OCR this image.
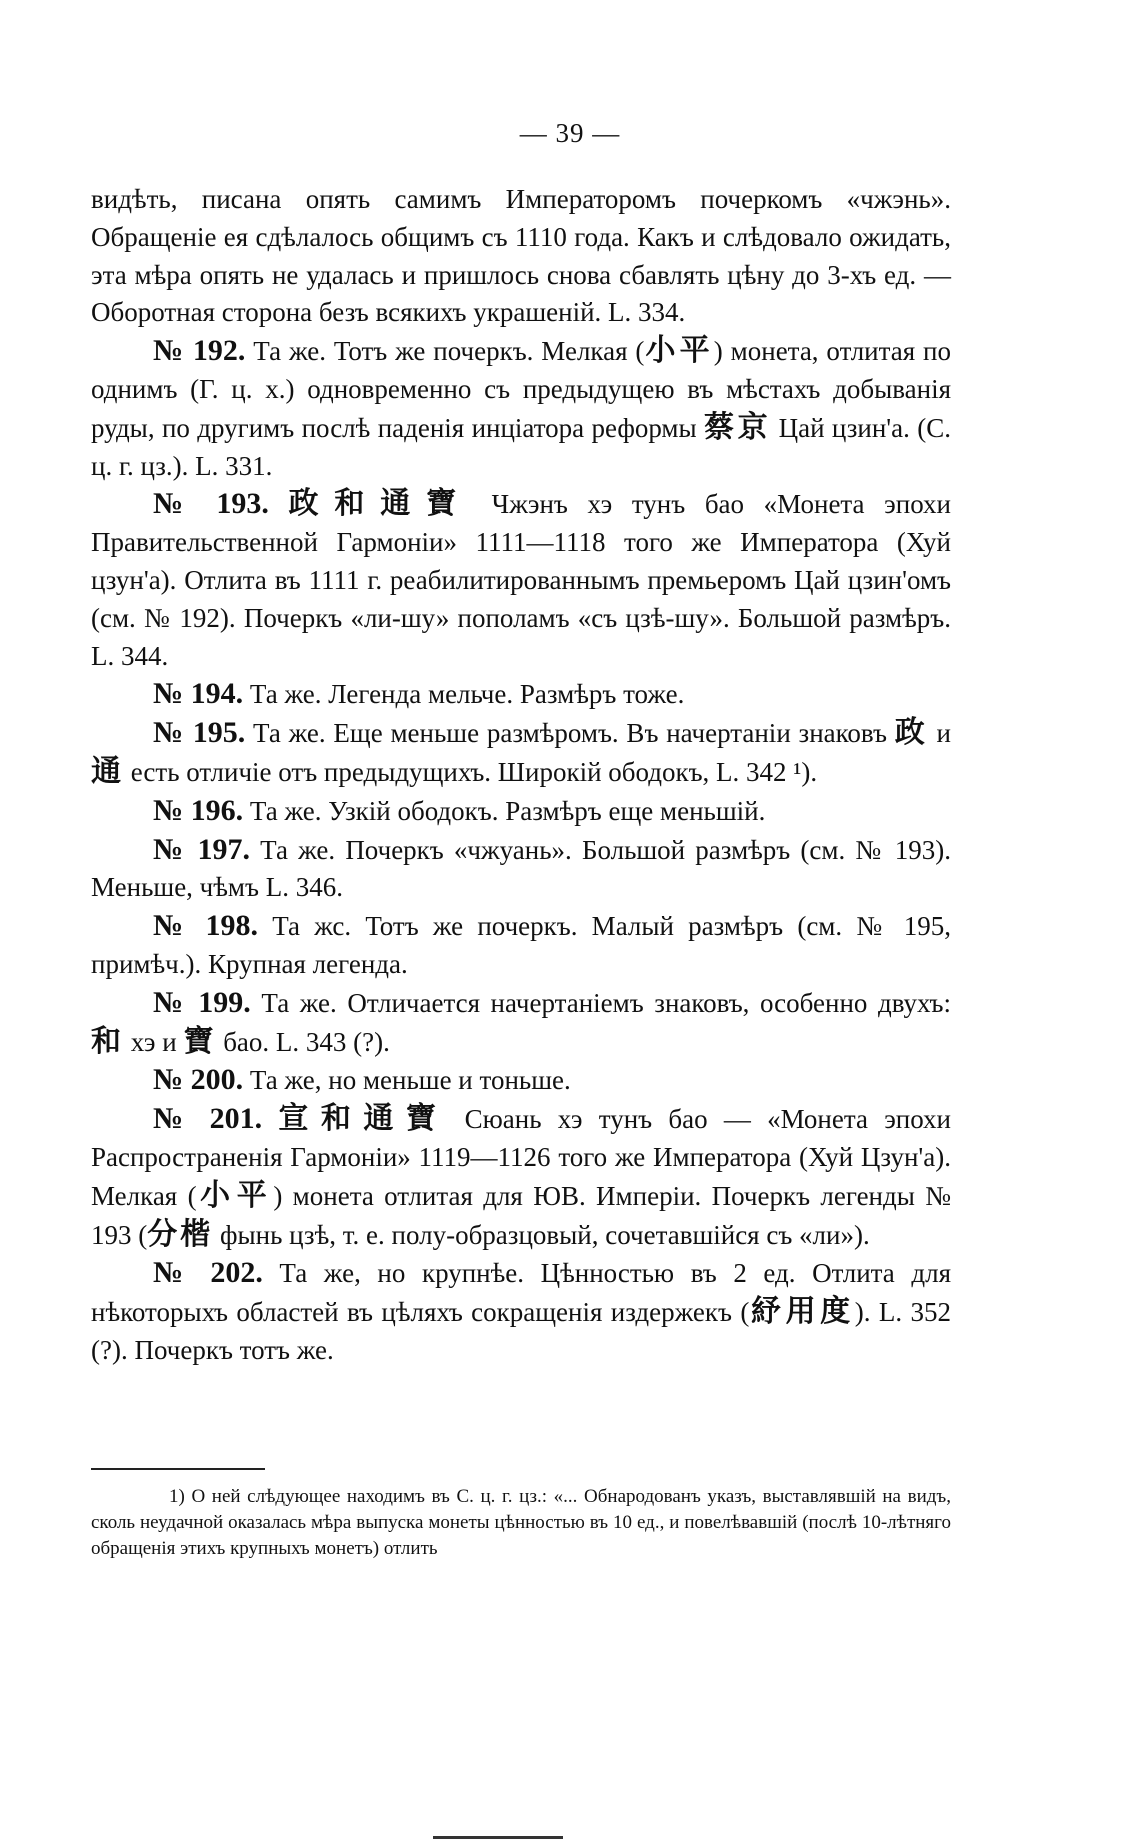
— 39 —

видѣть, писана опять самимъ Императоромъ почеркомъ «чжэнь». Обращеніе ея сдѣлалось общимъ съ 1110 года. Какъ и слѣдовало ожидать, эта мѣра опять не удалась и пришлось снова сбавлять цѣну до 3-хъ ед. — Оборотная сторона безъ всякихъ украшеній. L. 334.

№ 192. Та же. Тотъ же почеркъ. Мелкая (小平) монета, отлитая по однимъ (Г. ц. х.) одновременно съ предыдущею въ мѣстахъ добыванія руды, по другимъ послѣ паденія инціатора реформы 蔡京 Цай цзин'а. (С. ц. г. цз.). L. 331.

№ 193. 政和通寶 Чжэнъ хэ тунъ бао «Монета эпохи Правительственной Гармоніи» 1111—1118 того же Императора (Хуй цзун'а). Отлита въ 1111 г. реабилитированнымъ премьеромъ Цай цзин'омъ (см. № 192). Почеркъ «ли-шу» пополамъ «съ цзѣ-шу». Большой размѣръ. L. 344.

№ 194. Та же. Легенда мельче. Размѣръ тоже.

№ 195. Та же. Еще меньше размѣромъ. Въ начертаніи знаковъ 政 и 通 есть отличіе отъ предыдущихъ. Широкій ободокъ, L. 342 ¹).

№ 196. Та же. Узкій ободокъ. Размѣръ еще меньшій.

№ 197. Та же. Почеркъ «чжуань». Большой размѣръ (см. № 193). Меньше, чѣмъ L. 346.

№ 198. Та жс. Тотъ же почеркъ. Малый размѣръ (см. № 195, примѣч.). Крупная легенда.

№ 199. Та же. Отличается начертаніемъ знаковъ, особенно двухъ: 和 хэ и 寶 бао. L. 343 (?).

№ 200. Та же, но меньше и тоньше.

№ 201. 宣和通寶 Сюань хэ тунъ бао — «Монета эпохи Распространенія Гармоніи» 1119—1126 того же Императора (Хуй Цзун'а). Мелкая (小平) монета отлитая для ЮВ. Имперіи. Почеркъ легенды № 193 (分楷 фынь цзѣ, т. е. полу-образцовый, сочетавшійся съ «ли»).

№ 202. Та же, но крупнѣе. Цѣнностью въ 2 ед. Отлита для нѣкоторыхъ областей въ цѣляхъ сокращенія издержекъ (紓用度). L. 352 (?). Почеркъ тотъ же.

1) О ней слѣдующее находимъ въ С. ц. г. цз.: «... Обнародованъ указъ, выставлявшій на видъ, сколь неудачной оказалась мѣра выпуска монеты цѣнностью въ 10 ед., и повелѣвавшій (послѣ 10-лѣтняго обращенія этихъ крупныхъ монетъ) отлить
